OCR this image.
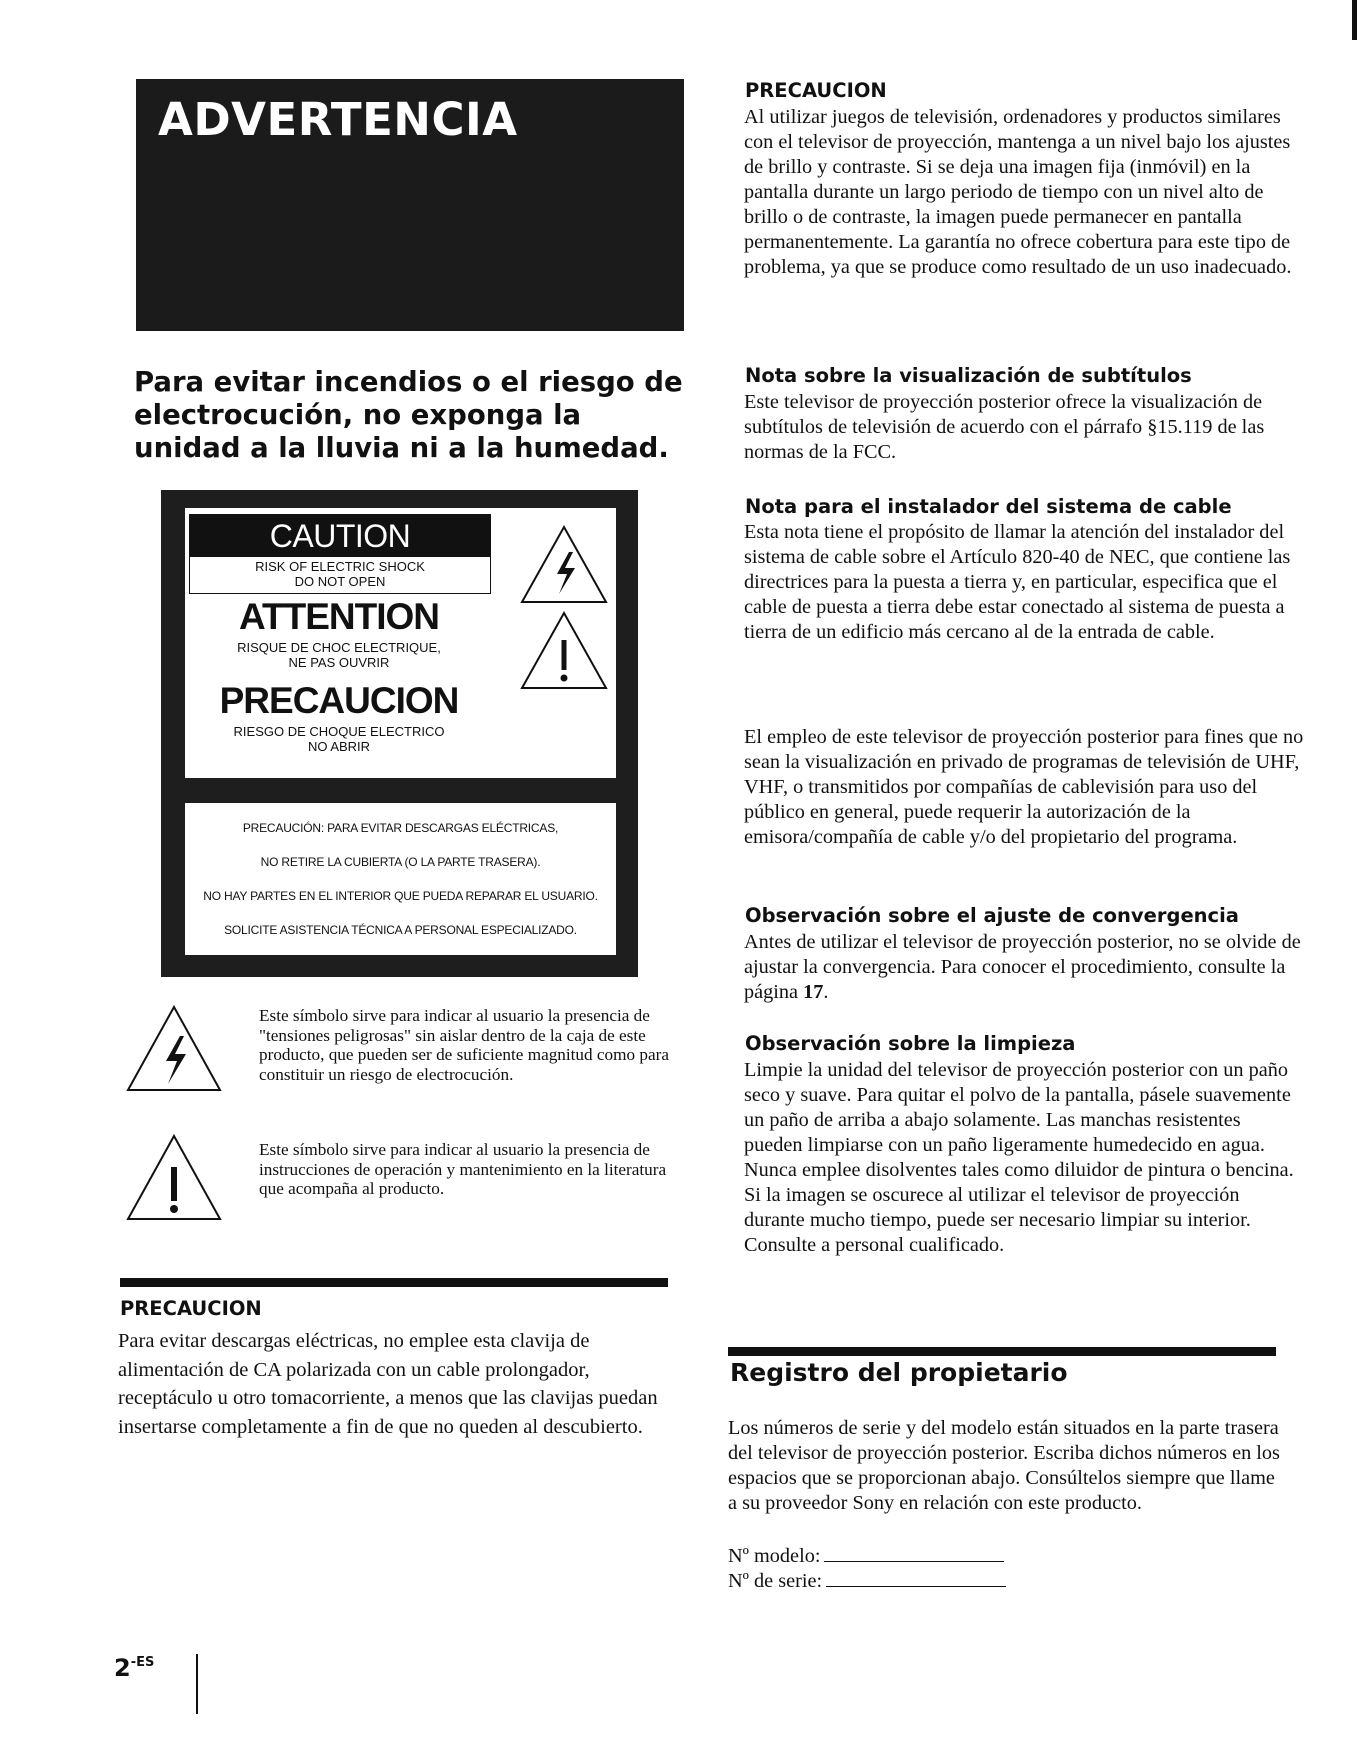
ADVERTENCIA
Para evitar incendios o el riesgo de electrocución, no exponga la unidad a la lluvia ni a la humedad.
CAUTION
RISK OF ELECTRIC SHOCK
DO NOT OPEN
ATTENTION
RISQUE DE CHOC ELECTRIQUE,
NE PAS OUVRIR
PRECAUCION
RIESGO DE CHOQUE ELECTRICO
NO ABRIR
PRECAUCIÓN: PARA EVITAR DESCARGAS ELÉCTRICAS,
NO RETIRE LA CUBIERTA (O LA PARTE TRASERA).
NO HAY PARTES EN EL INTERIOR QUE PUEDA REPARAR EL USUARIO.
SOLICITE ASISTENCIA TÉCNICA A PERSONAL ESPECIALIZADO.
Este símbolo sirve para indicar al usuario la presencia de "tensiones peligrosas" sin aislar dentro de la caja de este producto, que pueden ser de suficiente magnitud como para constituir un riesgo de electrocución.
Este símbolo sirve para indicar al usuario la presencia de instrucciones de operación y mantenimiento en la literatura que acompaña al producto.
PRECAUCION
Para evitar descargas eléctricas, no emplee esta clavija de alimentación de CA polarizada con un cable prolongador, receptáculo u otro tomacorriente, a menos que las clavijas puedan insertarse completamente a fin de que no queden al descubierto.
$2^{-ES}$
PRECAUCION
Al utilizar juegos de televisión, ordenadores y productos similares con el televisor de proyección, mantenga a un nivel bajo los ajustes de brillo y contraste. Si se deja una imagen fija (inmóvil) en la pantalla durante un largo periodo de tiempo con un nivel alto de brillo o de contraste, la imagen puede permanecer en pantalla permanentemente. La garantía no ofrece cobertura para este tipo de problema, ya que se produce como resultado de un uso inadecuado.
Nota sobre la visualización de subtítulos
Este televisor de proyección posterior ofrece la visualización de subtítulos de televisión de acuerdo con el párrafo §15.119 de las normas de la FCC.
Nota para el instalador del sistema de cable
Esta nota tiene el propósito de llamar la atención del instalador del sistema de cable sobre el Artículo 820-40 de NEC, que contiene las directrices para la puesta a tierra y, en particular, especifica que el cable de puesta a tierra debe estar conectado al sistema de puesta a tierra de un edificio más cercano al de la entrada de cable.
El empleo de este televisor de proyección posterior para fines que no sean la visualización en privado de programas de televisión de UHF, VHF, o transmitidos por compañías de cablevisión para uso del público en general, puede requerir la autorización de la emisora/compañía de cable y/o del propietario del programa.
Observación sobre el ajuste de convergencia
Antes de utilizar el televisor de proyección posterior, no se olvide de ajustar la convergencia. Para conocer el procedimiento, consulte la página 17.
Observación sobre la limpieza
Limpie la unidad del televisor de proyección posterior con un paño seco y suave. Para quitar el polvo de la pantalla, pásele suavemente un paño de arriba a abajo solamente. Las manchas resistentes pueden limpiarse con un paño ligeramente humedecido en agua. Nunca emplee disolventes tales como diluidor de pintura o bencina. Si la imagen se oscurece al utilizar el televisor de proyección durante mucho tiempo, puede ser necesario limpiar su interior. Consulte a personal cualificado.
Registro del propietario
Los números de serie y del modelo están situados en la parte trasera del televisor de proyección posterior. Escriba dichos números en los espacios que se proporcionan abajo. Consúltelos siempre que llame a su proveedor Sony en relación con este producto.
Nº modelo:
Nº de serie:
